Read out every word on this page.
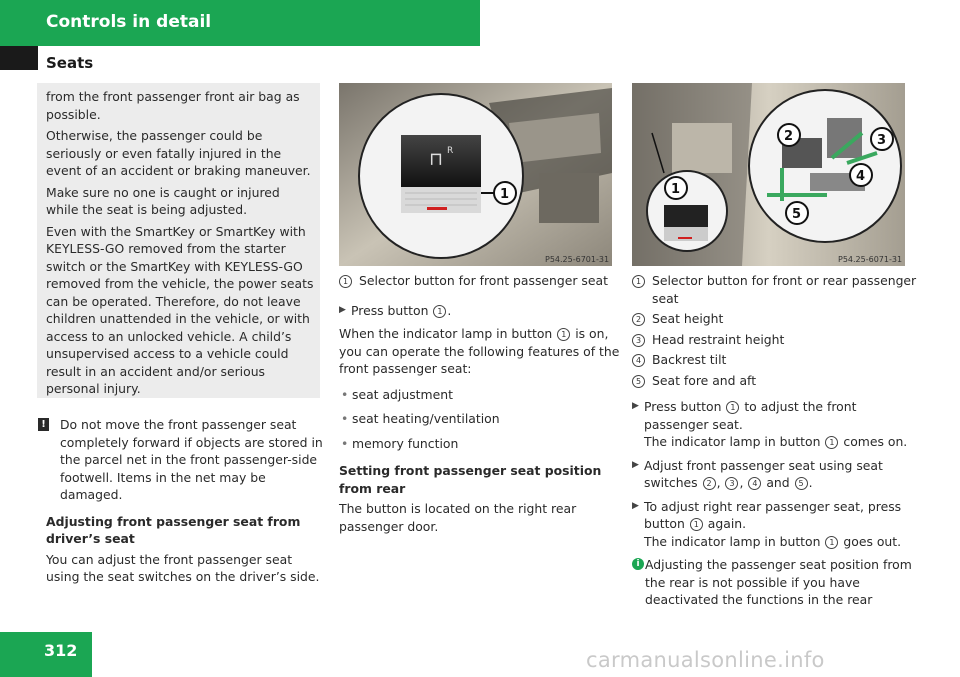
Controls in detail
Seats

from the front passenger front air bag as possible.

Otherwise, the passenger could be seriously or even fatally injured in the event of an accident or braking maneuver.

Make sure no one is caught or injured while the seat is being adjusted.

Even with the SmartKey or SmartKey with KEYLESS-GO removed from the starter switch or the SmartKey with KEYLESS-GO removed from the vehicle, the power seats can be operated. Therefore, do not leave children unattended in the vehicle, or with access to an unlocked vehicle. A child’s unsupervised access to a vehicle could result in an accident and/or serious personal injury.

! Do not move the front passenger seat completely forward if objects are stored in the parcel net in the front passenger-side footwell. Items in the net may be damaged.

Adjusting front passenger seat from driver’s seat

You can adjust the front passenger seat using the seat switches on the driver’s side.

⊓ R
1
P54.25-6701-31
2	3
4
5
1
P54.25-6071-31
1 Selector button for front passenger seat
▶ Press button 1 .

When the indicator lamp in button 1 is on, you can operate the following features of the front passenger seat:

• seat adjustment
• seat heating/ventilation
• memory function

Setting front passenger seat position from rear

The button is located on the right rear passenger door.

1 Selector button for front or rear passenger seat
2 Seat height
3 Head restraint height
4 Backrest tilt
5 Seat fore and aft
▶ Press button 1 to adjust the front passenger seat.
The indicator lamp in button 1 comes on.
▶ Adjust front passenger seat using seat switches 2 , 3 , 4 and 5 .
▶ To adjust right rear passenger seat, press button 1 again.
The indicator lamp in button 1 goes out.
i Adjusting the passenger seat position from the rear is not possible if you have deactivated the functions in the rear
312	carmanualsonline.info
